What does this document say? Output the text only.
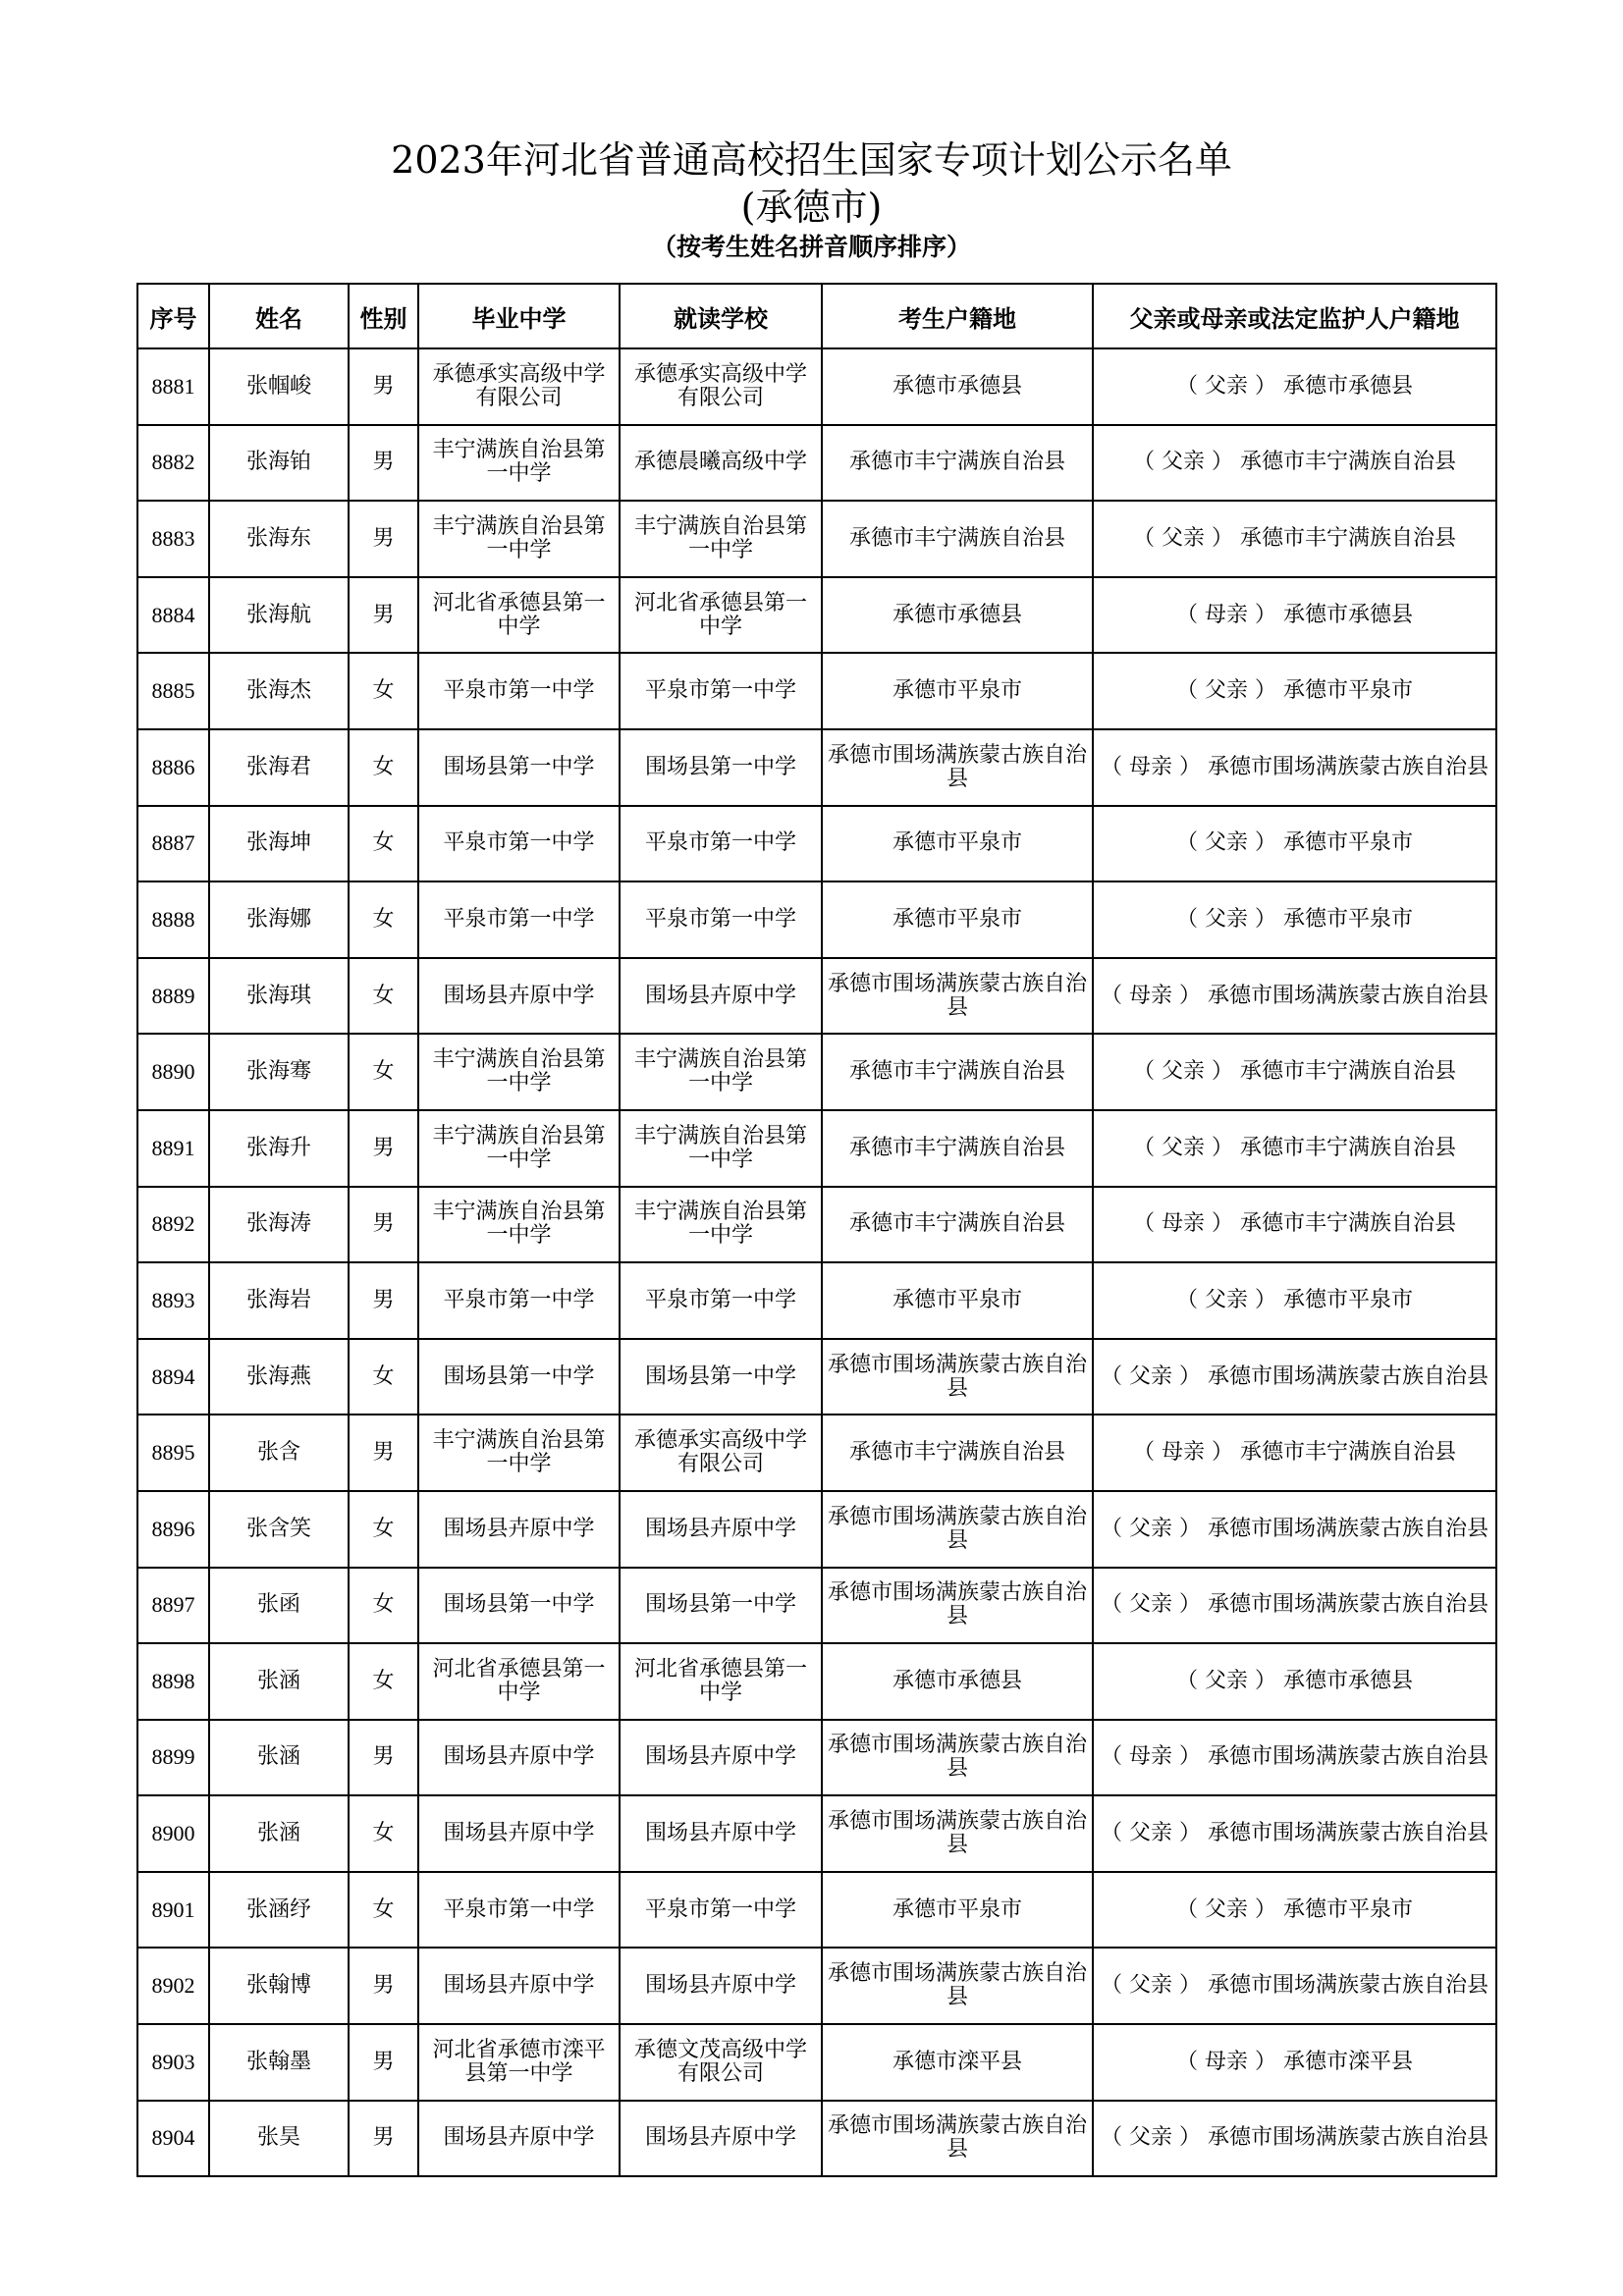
2023年河北省普通高校招生国家专项计划公示名单
(承德市)
（按考生姓名拼音顺序排序）
序号	姓名	性别	毕业中学	就读学校	考生户籍地	父亲或母亲或法定监护人户籍地
8881	张帼峻	男	承德承实高级中学有限公司	承德承实高级中学有限公司	承德市承德县	（ 父亲 ） 承德市承德县
8882	张海铂	男	丰宁满族自治县第一中学	承德晨曦高级中学	承德市丰宁满族自治县	（ 父亲 ） 承德市丰宁满族自治县
8883	张海东	男	丰宁满族自治县第一中学	丰宁满族自治县第一中学	承德市丰宁满族自治县	（ 父亲 ） 承德市丰宁满族自治县
8884	张海航	男	河北省承德县第一中学	河北省承德县第一中学	承德市承德县	（ 母亲 ） 承德市承德县
8885	张海杰	女	平泉市第一中学	平泉市第一中学	承德市平泉市	（ 父亲 ） 承德市平泉市
8886	张海君	女	围场县第一中学	围场县第一中学	承德市围场满族蒙古族自治县	（ 母亲 ） 承德市围场满族蒙古族自治县
8887	张海坤	女	平泉市第一中学	平泉市第一中学	承德市平泉市	（ 父亲 ） 承德市平泉市
8888	张海娜	女	平泉市第一中学	平泉市第一中学	承德市平泉市	（ 父亲 ） 承德市平泉市
8889	张海琪	女	围场县卉原中学	围场县卉原中学	承德市围场满族蒙古族自治县	（ 母亲 ） 承德市围场满族蒙古族自治县
8890	张海骞	女	丰宁满族自治县第一中学	丰宁满族自治县第一中学	承德市丰宁满族自治县	（ 父亲 ） 承德市丰宁满族自治县
8891	张海升	男	丰宁满族自治县第一中学	丰宁满族自治县第一中学	承德市丰宁满族自治县	（ 父亲 ） 承德市丰宁满族自治县
8892	张海涛	男	丰宁满族自治县第一中学	丰宁满族自治县第一中学	承德市丰宁满族自治县	（ 母亲 ） 承德市丰宁满族自治县
8893	张海岩	男	平泉市第一中学	平泉市第一中学	承德市平泉市	（ 父亲 ） 承德市平泉市
8894	张海燕	女	围场县第一中学	围场县第一中学	承德市围场满族蒙古族自治县	（ 父亲 ） 承德市围场满族蒙古族自治县
8895	张含	男	丰宁满族自治县第一中学	承德承实高级中学有限公司	承德市丰宁满族自治县	（ 母亲 ） 承德市丰宁满族自治县
8896	张含笑	女	围场县卉原中学	围场县卉原中学	承德市围场满族蒙古族自治县	（ 父亲 ） 承德市围场满族蒙古族自治县
8897	张函	女	围场县第一中学	围场县第一中学	承德市围场满族蒙古族自治县	（ 父亲 ） 承德市围场满族蒙古族自治县
8898	张涵	女	河北省承德县第一中学	河北省承德县第一中学	承德市承德县	（ 父亲 ） 承德市承德县
8899	张涵	男	围场县卉原中学	围场县卉原中学	承德市围场满族蒙古族自治县	（ 母亲 ） 承德市围场满族蒙古族自治县
8900	张涵	女	围场县卉原中学	围场县卉原中学	承德市围场满族蒙古族自治县	（ 父亲 ） 承德市围场满族蒙古族自治县
8901	张涵纾	女	平泉市第一中学	平泉市第一中学	承德市平泉市	（ 父亲 ） 承德市平泉市
8902	张翰博	男	围场县卉原中学	围场县卉原中学	承德市围场满族蒙古族自治县	（ 父亲 ） 承德市围场满族蒙古族自治县
8903	张翰墨	男	河北省承德市滦平县第一中学	承德文茂高级中学有限公司	承德市滦平县	（ 母亲 ） 承德市滦平县
8904	张昊	男	围场县卉原中学	围场县卉原中学	承德市围场满族蒙古族自治县	（ 父亲 ） 承德市围场满族蒙古族自治县
